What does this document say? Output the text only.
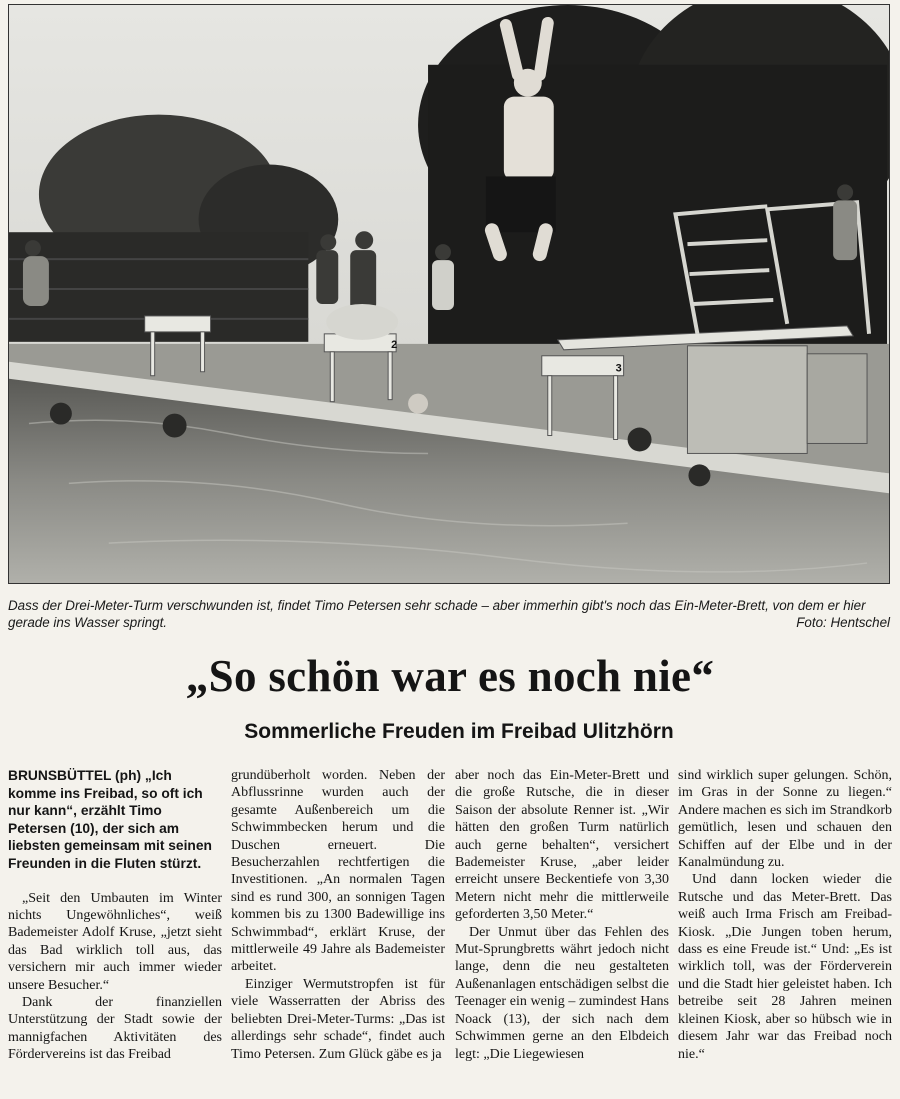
2
3
Dass der Drei-Meter-Turm verschwunden ist, findet Timo Petersen sehr schade – aber immerhin gibt's noch das Ein-Meter-Brett, von dem er hier gerade ins Wasser springt.	Foto: Hentschel
„So schön war es noch nie“
Sommerliche Freuden im Freibad Ulitzhörn

BRUNSBÜTTEL (ph) „Ich komme ins Freibad, so oft ich nur kann“, erzählt Timo Petersen (10), der sich am liebsten gemeinsam mit seinen Freunden in die Fluten stürzt.

„Seit den Umbauten im Winter nichts Ungewöhnliches“, weiß Bademeister Adolf Kruse, „jetzt sieht das Bad wirklich toll aus, das versichern mir auch immer wieder unsere Besucher.“

Dank der finanziellen Unterstützung der Stadt sowie der mannigfachen Aktivitäten des Fördervereins ist das Freibad

grundüberholt worden. Neben der Abflussrinne wurden auch der gesamte Außenbereich um die Schwimmbecken herum und die Duschen erneuert. Die Besucherzahlen rechtfertigen die Investitionen. „An normalen Tagen sind es rund 300, an sonnigen Tagen kommen bis zu 1300 Badewillige ins Schwimmbad“, erklärt Kruse, der mittlerweile 49 Jahre als Bademeister arbeitet.

Einziger Wermutstropfen ist für viele Wasserratten der Abriss des beliebten Drei-Meter-Turms: „Das ist allerdings sehr schade“, findet auch Timo Petersen. Zum Glück gäbe es ja

aber noch das Ein-Meter-Brett und die große Rutsche, die in dieser Saison der absolute Renner ist. „Wir hätten den großen Turm natürlich auch gerne behalten“, versichert Bademeister Kruse, „aber leider erreicht unsere Beckentiefe von 3,30 Metern nicht mehr die mittlerweile geforderten 3,50 Meter.“

Der Unmut über das Fehlen des Mut-Sprungbretts währt jedoch nicht lange, denn die neu gestalteten Außenanlagen entschädigen selbst die Teenager ein wenig – zumindest Hans Noack (13), der sich nach dem Schwimmen gerne an den Elbdeich legt: „Die Liegewiesen

sind wirklich super gelungen. Schön, im Gras in der Sonne zu liegen.“ Andere machen es sich im Strandkorb gemütlich, lesen und schauen den Schiffen auf der Elbe und in der Kanalmündung zu.

Und dann locken wieder die Rutsche und das Meter-Brett. Das weiß auch Irma Frisch am Freibad-Kiosk. „Die Jungen toben herum, dass es eine Freude ist.“ Und: „Es ist wirklich toll, was der Förderverein und die Stadt hier geleistet haben. Ich betreibe seit 28 Jahren meinen kleinen Kiosk, aber so hübsch wie in diesem Jahr war das Freibad noch nie.“
